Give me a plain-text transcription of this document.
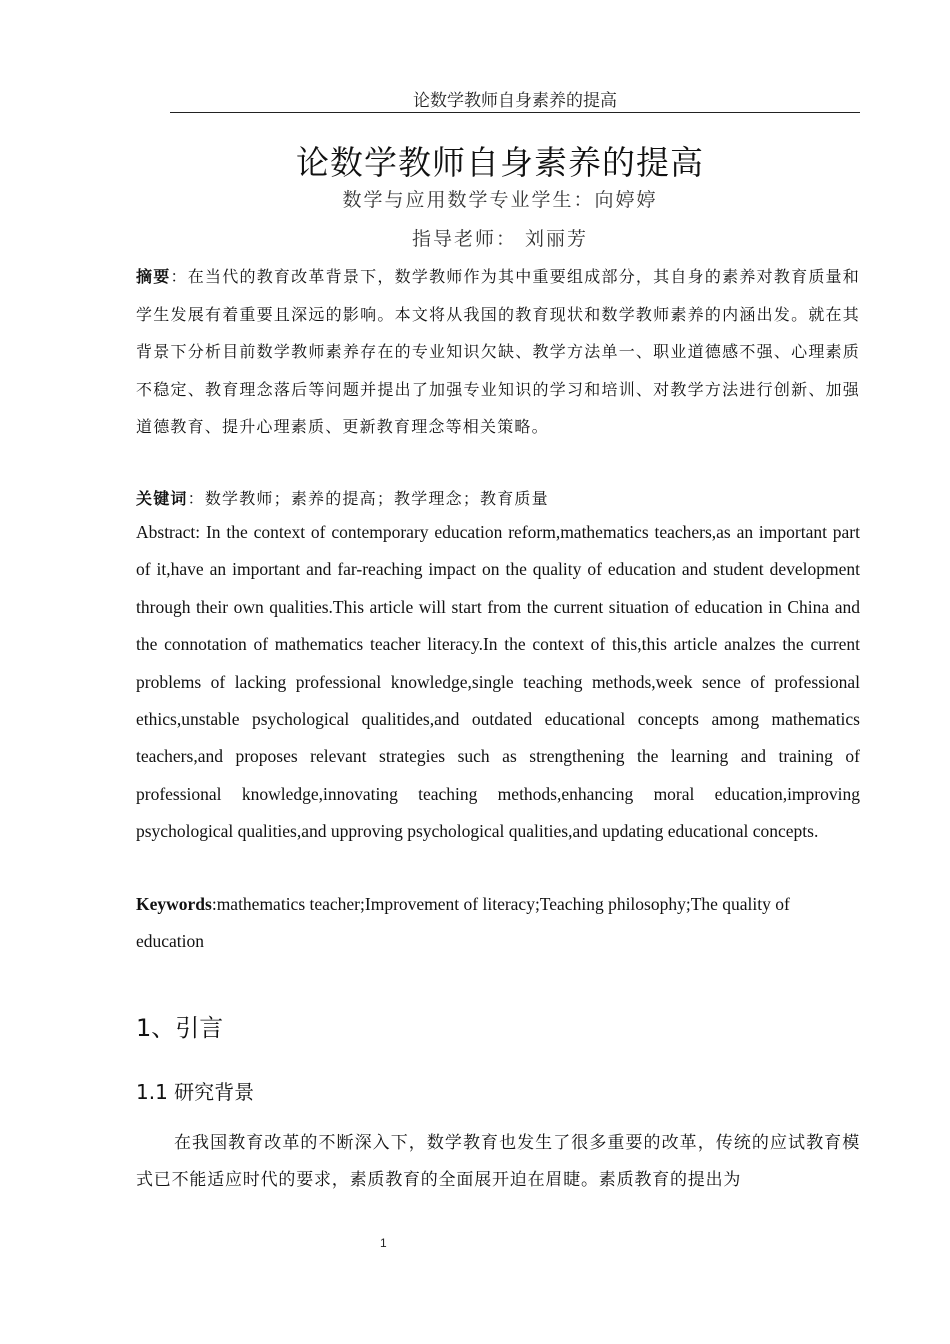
论数学教师自身素养的提高
论数学教师自身素养的提高
数学与应用数学专业学生：向婷婷
指导老师： 刘丽芳

摘要：在当代的教育改革背景下，数学教师作为其中重要组成部分，其自身的素养对教育质量和学生发展有着重要且深远的影响。本文将从我国的教育现状和数学教师素养的内涵出发。就在其背景下分析目前数学教师素养存在的专业知识欠缺、教学方法单一、职业道德感不强、心理素质不稳定、教育理念落后等问题并提出了加强专业知识的学习和培训、对教学方法进行创新、加强道德教育、提升心理素质、更新教育理念等相关策略。

关键词：数学教师；素养的提高；教学理念；教育质量

Abstract: In the context of contemporary education reform,mathematics teachers,as an important part of it,have an important and far-reaching impact on the quality of education and student development through their own qualities.This article will start from the current situation of education in China and the connotation of mathematics teacher literacy.In the context of this,this article analzes the current problems of lacking professional knowledge,single teaching methods,week sence of professional ethics,unstable psychological qualitides,and outdated educational concepts among mathematics teachers,and proposes relevant strategies such as strengthening the learning and training of professional knowledge,innovating teaching methods,enhancing moral education,improving psychological qualities,and upproving psychological qualities,and updating educational concepts.

Keywords:mathematics teacher;Improvement of literacy;Teaching philosophy;The quality of education

1、引言
1.1 研究背景

在我国教育改革的不断深入下，数学教育也发生了很多重要的改革，传统的应试教育模式已不能适应时代的要求，素质教育的全面展开迫在眉睫。素质教育的提出为

1
